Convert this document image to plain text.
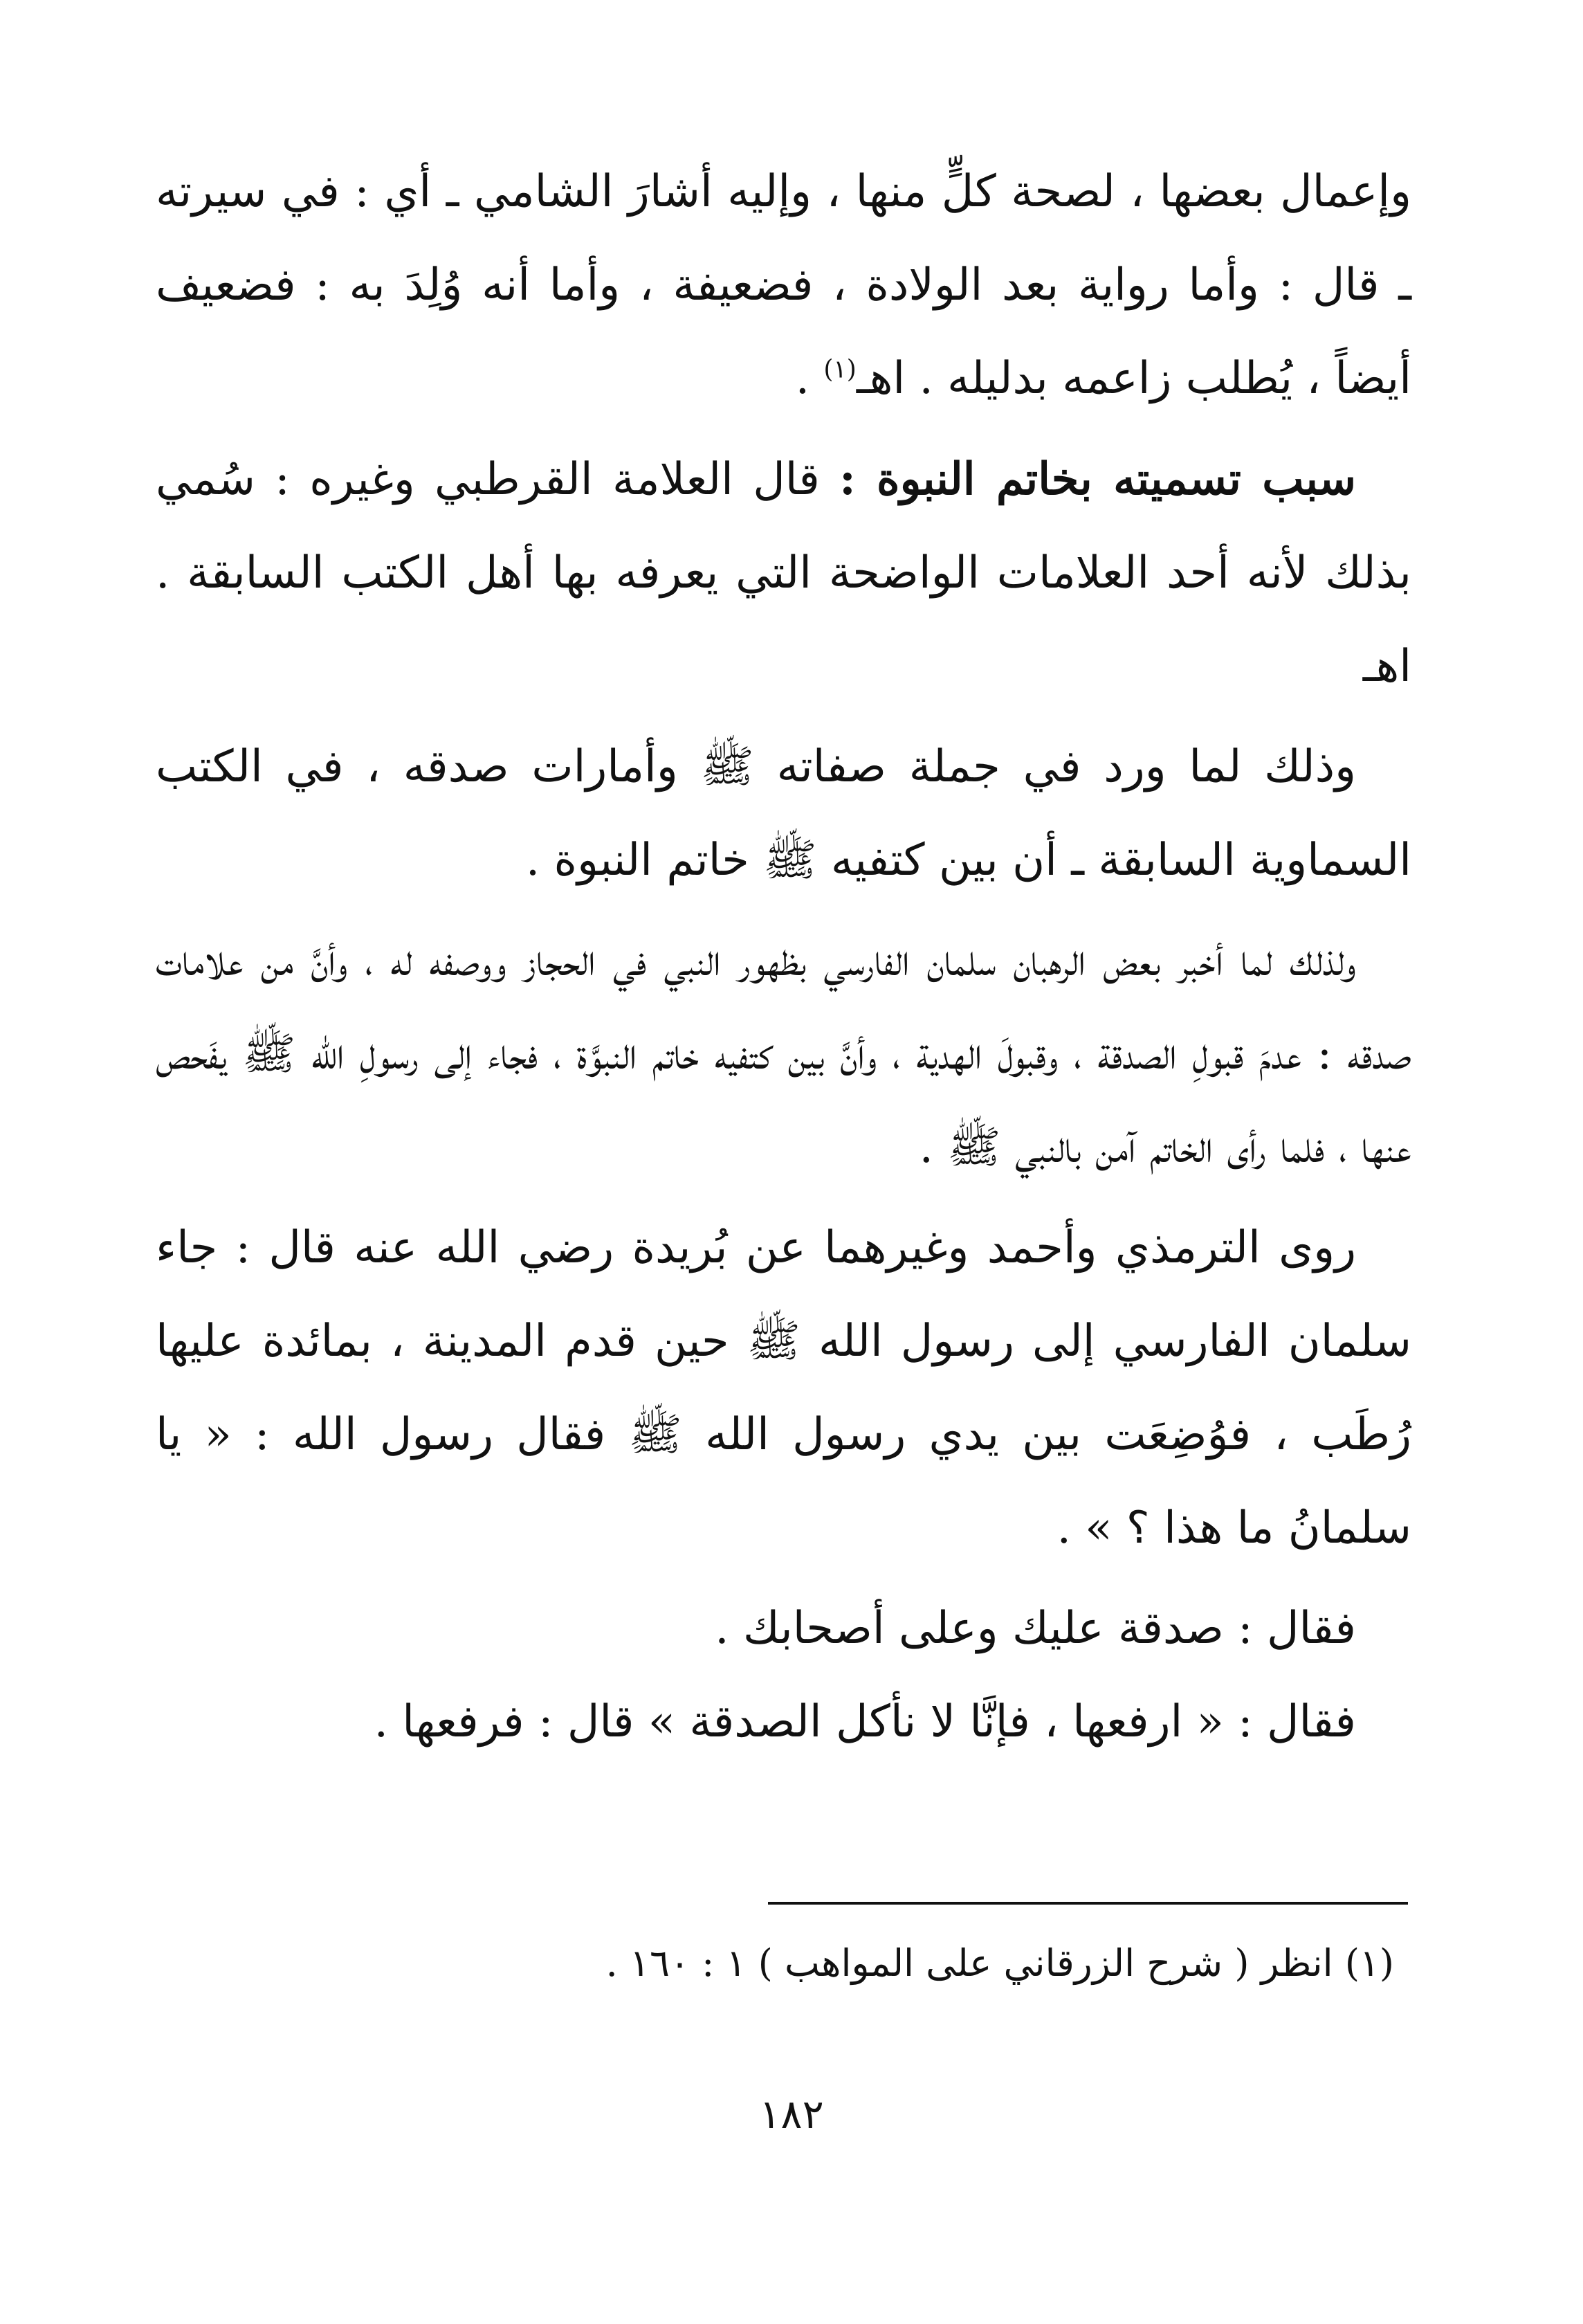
وإعمال بعضها ، لصحة كلٍّ منها ، وإليه أشارَ الشامي ـ أي : في سيرته ـ قال : وأما رواية بعد الولادة ، فضعيفة ، وأما أنه وُلِدَ به : فضعيف أيضاً ، يُطلب زاعمه بدليله . اهـ$^{(١)}$ .

سبب تسميته بخاتم النبوة : قال العلامة القرطبي وغيره : سُمي بذلك لأنه أحد العلامات الواضحة التي يعرفه بها أهل الكتب السابقة . اهـ

وذلك لما ورد في جملة صفاته ﷺ وأمارات صدقه ، في الكتب السماوية السابقة ـ أن بين كتفيه ﷺ خاتم النبوة .

ولذلك لما أخبر بعض الرهبان سلمان الفارسي بظهور النبي في الحجاز ووصفه له ، وأنَّ من علامات صدقه : عدمَ قبولِ الصدقة ، وقبولَ الهدية ، وأنَّ بين كتفيه خاتم النبوَّة ، فجاء إلى رسولِ الله ﷺ يفَحص عنها ، فلما رأى الخاتم آمن بالنبي ﷺ .

روى الترمذي وأحمد وغيرهما عن بُريدة رضي الله عنه قال : جاء سلمان الفارسي إلى رسول الله ﷺ حين قدم المدينة ، بمائدة عليها رُطَب ، فوُضِعَت بين يدي رسول الله ﷺ فقال رسول الله : « يا سلمانُ ما هذا ؟ » .

فقال : صدقة عليك وعلى أصحابك .

فقال : « ارفعها ، فإنَّا لا نأكل الصدقة » قال : فرفعها .

(١) انظر ( شرح الزرقاني على المواهب ) ١ : ١٦٠ .
١٨٢
